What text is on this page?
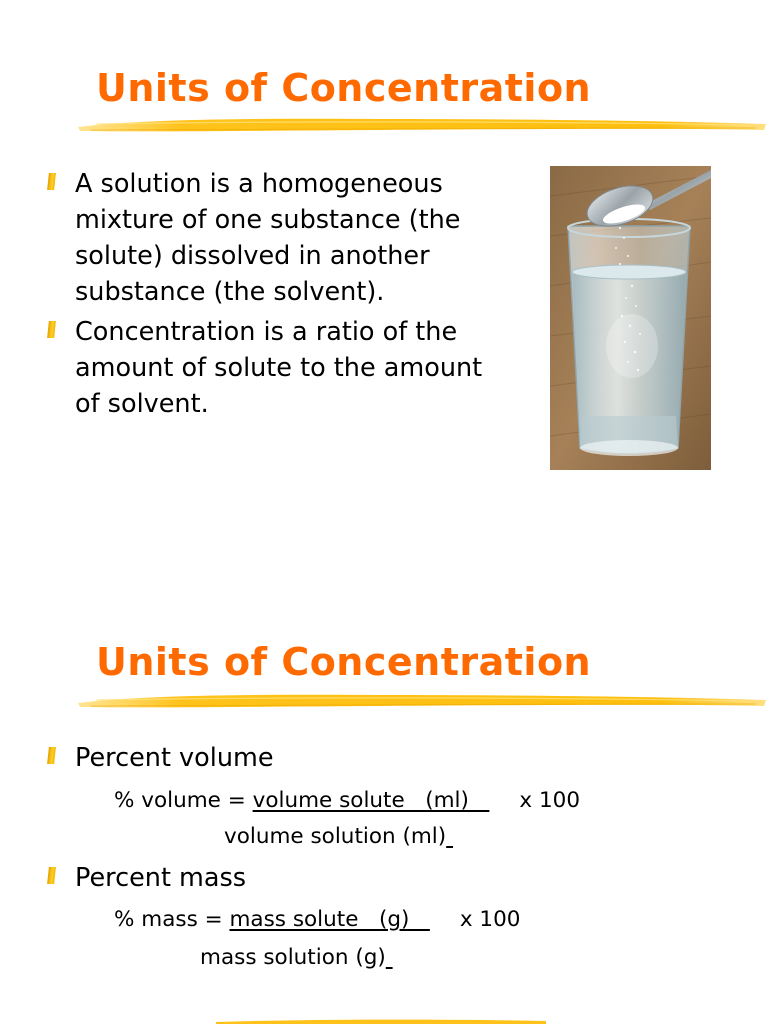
Units of Concentration
A solution is a homogeneous mixture of one substance (the solute) dissolved in another substance (the solvent).
Concentration is a ratio of the amount of solute to the amount of solvent.
Units of Concentration
Percent volume
% volume = volume solute   (ml)   x 100
volume solution (ml)
Percent mass
% mass = mass solute   (g)   x 100
mass solution (g)
